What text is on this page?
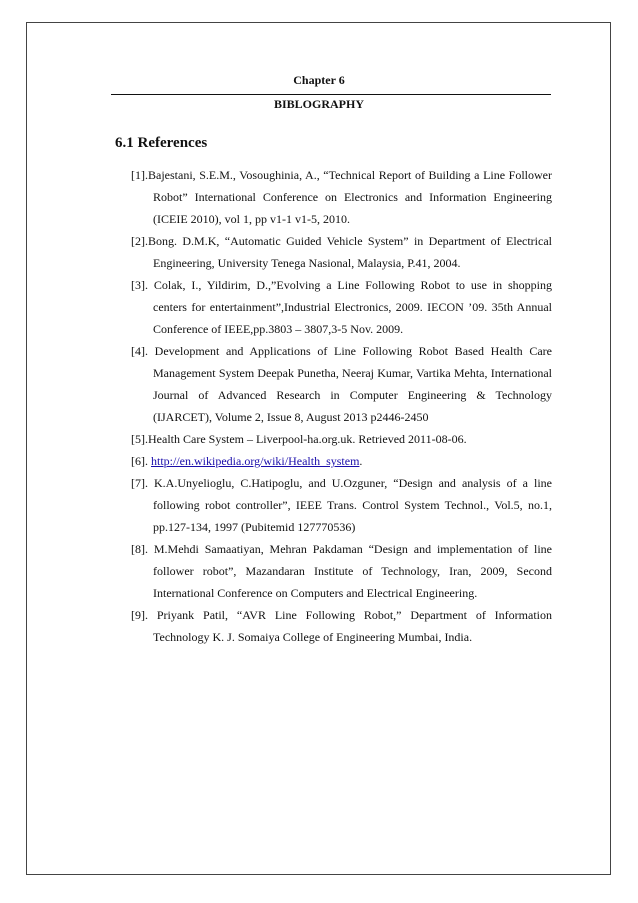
Chapter 6
BIBLOGRAPHY
6.1 References
[1].Bajestani, S.E.M., Vosoughinia, A., “Technical Report of Building a Line Follower Robot” International Conference on Electronics and Information Engineering (ICEIE 2010), vol 1, pp v1-1 v1-5, 2010.
[2].Bong. D.M.K, “Automatic Guided Vehicle System” in Department of Electrical Engineering, University Tenega Nasional, Malaysia, P.41, 2004.
[3]. Colak, I., Yildirim, D.,”Evolving a Line Following Robot to use in shopping centers for entertainment”,Industrial Electronics, 2009. IECON ’09. 35th Annual Conference of IEEE,pp.3803 – 3807,3-5 Nov. 2009.
[4]. Development and Applications of Line Following Robot Based Health Care Management System Deepak Punetha, Neeraj Kumar, Vartika Mehta, International Journal of Advanced Research in Computer Engineering & Technology (IJARCET), Volume 2, Issue 8, August 2013 p2446-2450
[5].Health Care System – Liverpool-ha.org.uk. Retrieved 2011-08-06.
[6]. http://en.wikipedia.org/wiki/Health_system.
[7]. K.A.Unyelioglu, C.Hatipoglu, and U.Ozguner, “Design and analysis of a line following robot controller”, IEEE Trans. Control System Technol., Vol.5, no.1, pp.127-134, 1997 (Pubitemid 127770536)
[8]. M.Mehdi Samaatiyan, Mehran Pakdaman “Design and implementation of line follower robot”, Mazandaran Institute of Technology, Iran, 2009, Second International Conference on Computers and Electrical Engineering.
[9]. Priyank Patil, “AVR Line Following Robot,” Department of Information Technology K. J. Somaiya College of Engineering Mumbai, India.
